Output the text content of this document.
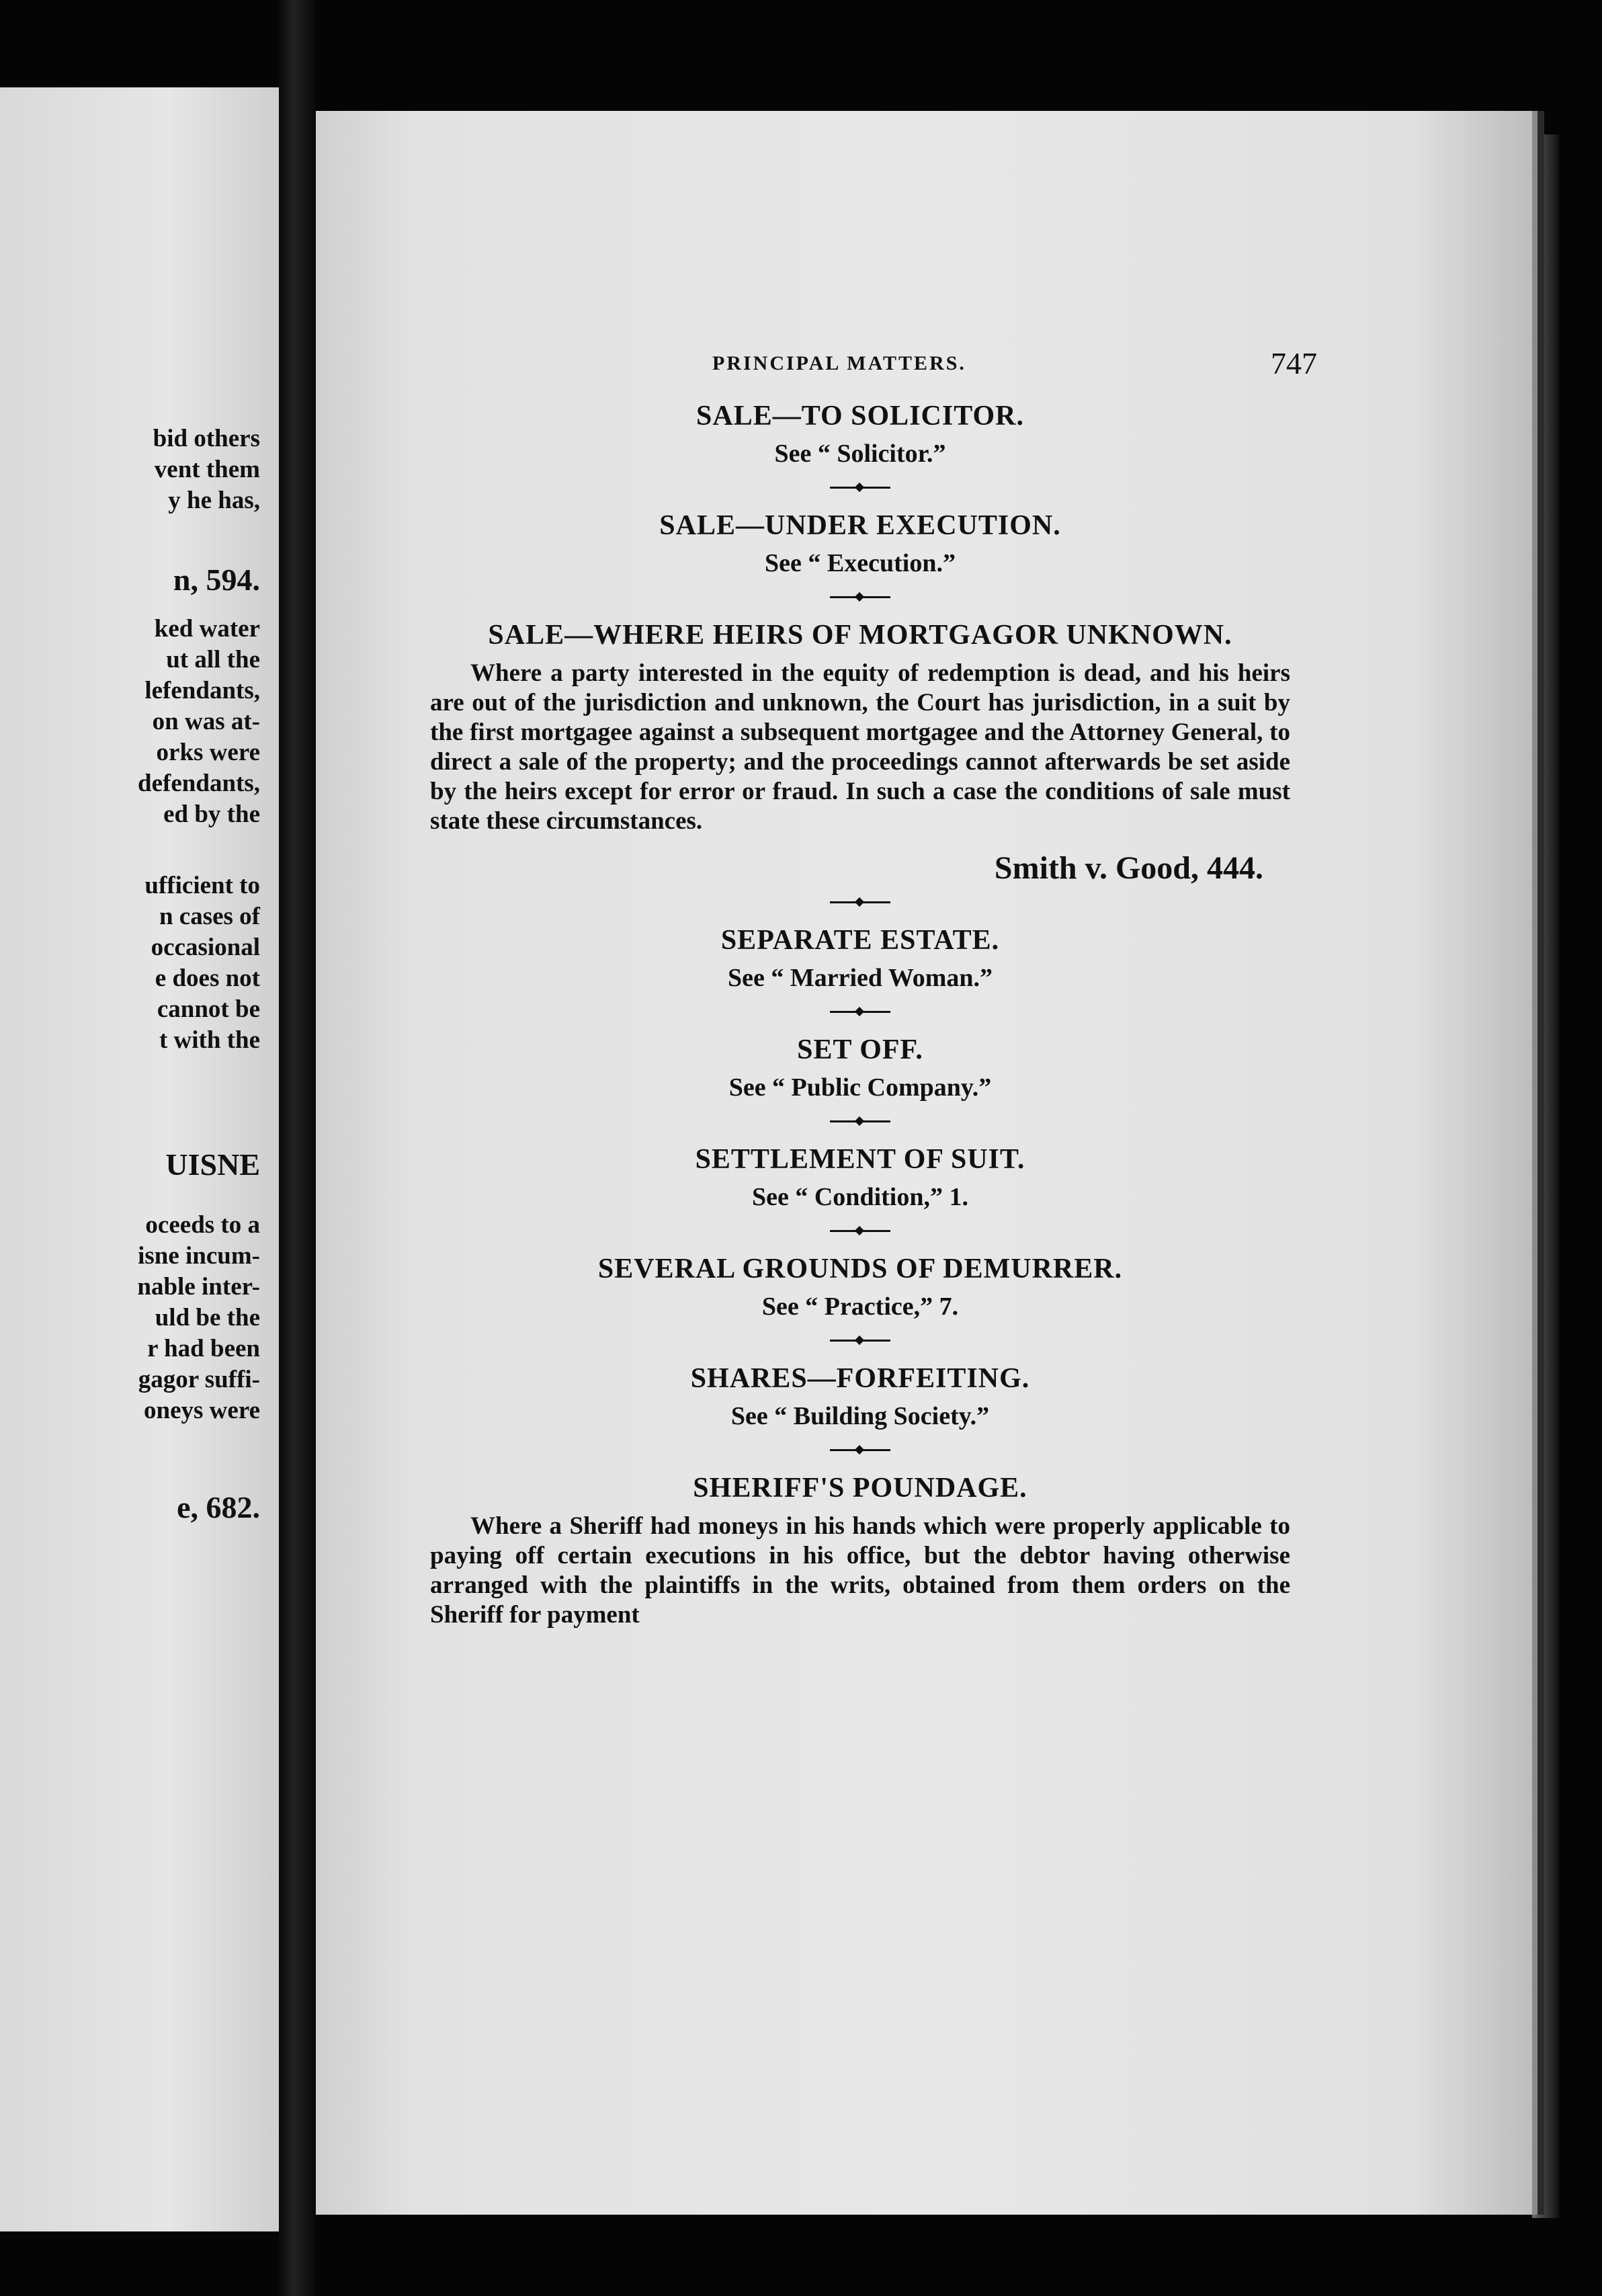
bid others
vent them
y he has,
n, 594.
ked water
ut all the
lefendants,
on was at-
orks were
defendants,
ed by the
ufficient to
n cases of
occasional
e does not
cannot be
t with the
UISNE
oceeds to a
isne incum-
nable inter-
uld be the
r had been
gagor suffi-
oneys were
e, 682.
PRINCIPAL MATTERS.	747
SALE—TO SOLICITOR.
See “ Solicitor.”
SALE—UNDER EXECUTION.
See “ Execution.”
SALE—WHERE HEIRS OF MORTGAGOR UNKNOWN.

Where a party interested in the equity of redemption is dead, and his heirs are out of the jurisdiction and unknown, the Court has jurisdiction, in a suit by the first mortgagee against a subsequent mortgagee and the Attorney General, to direct a sale of the property; and the proceedings cannot afterwards be set aside by the heirs except for error or fraud. In such a case the conditions of sale must state these circumstances.

Smith v. Good, 444.
SEPARATE ESTATE.
See “ Married Woman.”
SET OFF.
See “ Public Company.”
SETTLEMENT OF SUIT.
See “ Condition,” 1.
SEVERAL GROUNDS OF DEMURRER.
See “ Practice,” 7.
SHARES—FORFEITING.
See “ Building Society.”
SHERIFF'S POUNDAGE.

Where a Sheriff had moneys in his hands which were properly applicable to paying off certain executions in his office, but the debtor having otherwise arranged with the plaintiffs in the writs, obtained from them orders on the Sheriff for payment
